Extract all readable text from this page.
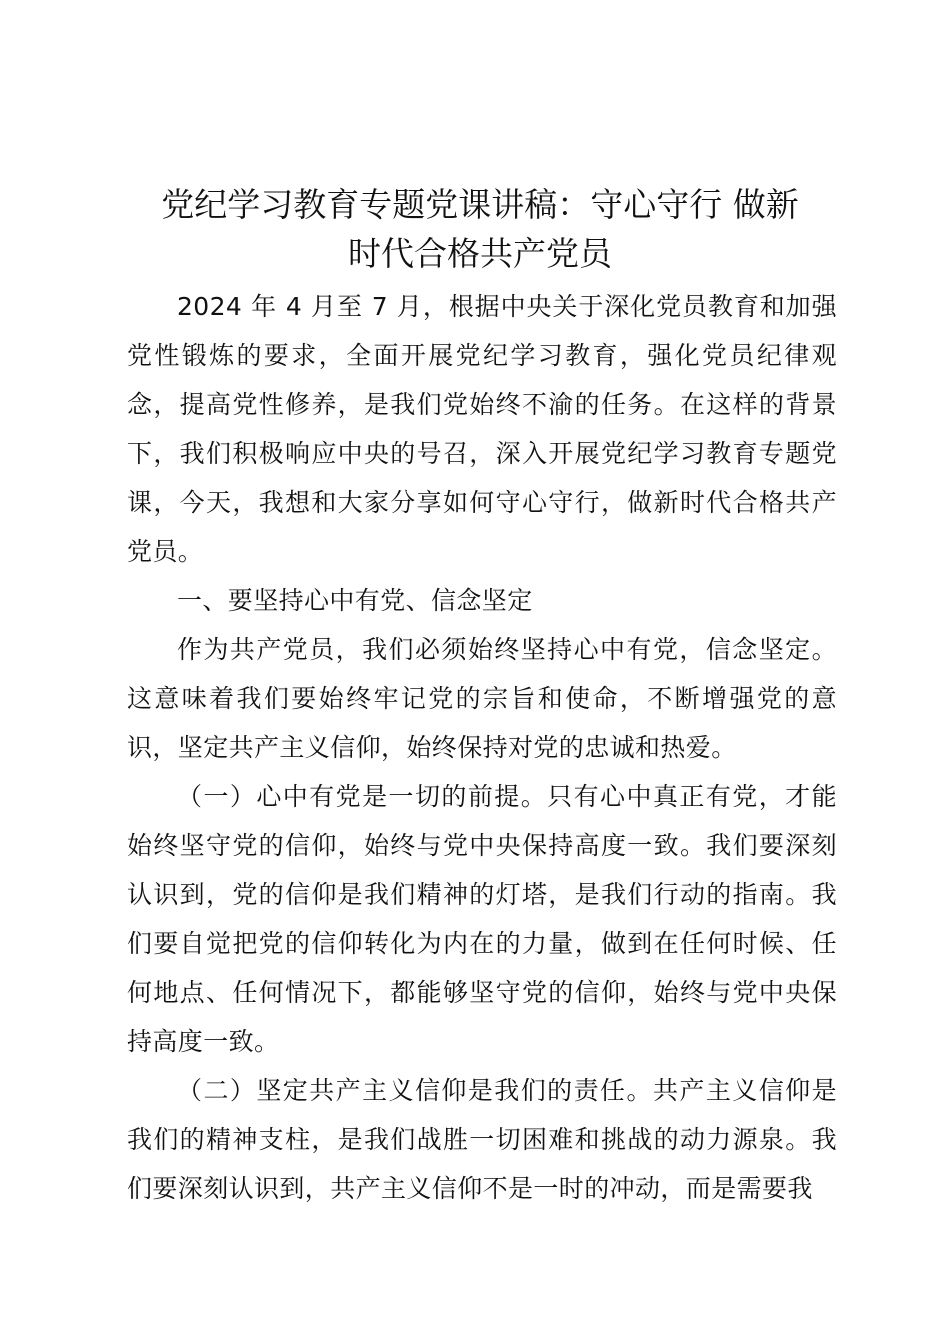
党纪学习教育专题党课讲稿：守心守行 做新
时代合格共产党员

2024 年 4 月至 7 月，根据中央关于深化党员教育和加强党性锻炼的要求，全面开展党纪学习教育，强化党员纪律观念，提高党性修养，是我们党始终不渝的任务。在这样的背景下，我们积极响应中央的号召，深入开展党纪学习教育专题党课，今天，我想和大家分享如何守心守行，做新时代合格共产党员。

一、要坚持心中有党、信念坚定

作为共产党员，我们必须始终坚持心中有党，信念坚定。这意味着我们要始终牢记党的宗旨和使命，不断增强党的意识，坚定共产主义信仰，始终保持对党的忠诚和热爱。

（一）心中有党是一切的前提。只有心中真正有党，才能始终坚守党的信仰，始终与党中央保持高度一致。我们要深刻认识到，党的信仰是我们精神的灯塔，是我们行动的指南。我们要自觉把党的信仰转化为内在的力量，做到在任何时候、任何地点、任何情况下，都能够坚守党的信仰，始终与党中央保持高度一致。

（二）坚定共产主义信仰是我们的责任。共产主义信仰是我们的精神支柱，是我们战胜一切困难和挑战的动力源泉。我们要深刻认识到，共产主义信仰不是一时的冲动，而是需要我
